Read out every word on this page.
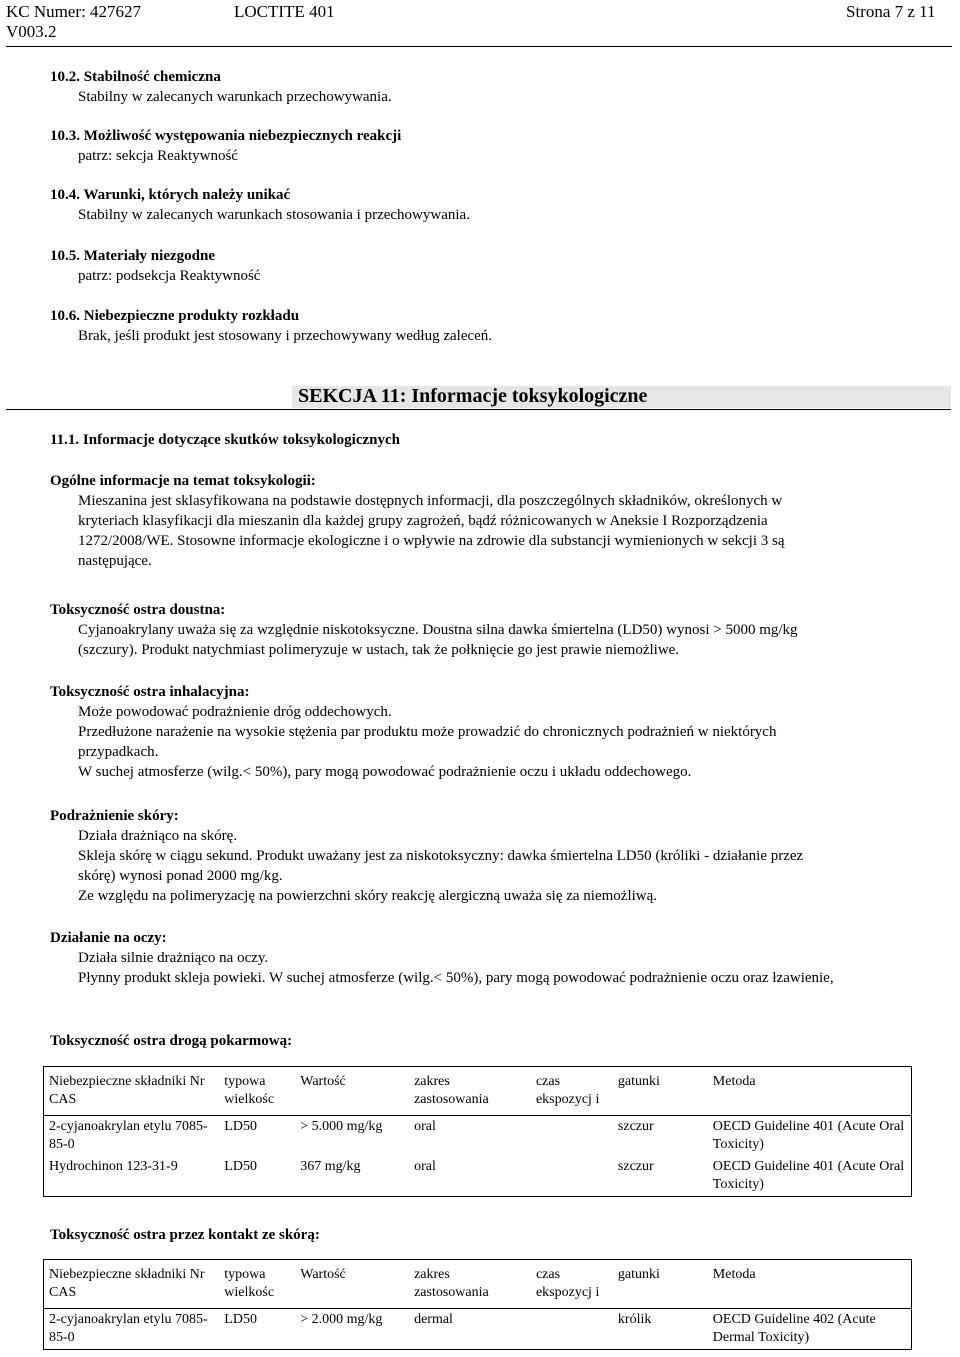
KC Numer: 427627
V003.2
LOCTITE 401	Strona 7 z 11
10.2. Stabilność chemiczna
Stabilny w zalecanych warunkach przechowywania.
10.3. Możliwość występowania niebezpiecznych reakcji
patrz: sekcja Reaktywność
10.4. Warunki, których należy unikać
Stabilny w zalecanych warunkach stosowania i przechowywania.
10.5. Materiały niezgodne
patrz: podsekcja Reaktywność
10.6. Niebezpieczne produkty rozkładu
Brak, jeśli produkt jest stosowany i przechowywany według zaleceń.
SEKCJA 11: Informacje toksykologiczne
11.1. Informacje dotyczące skutków toksykologicznych
Ogólne informacje na temat toksykologii:
Mieszanina jest sklasyfikowana na podstawie dostępnych informacji, dla poszczególnych składników, określonych w
kryteriach klasyfikacji dla mieszanin dla każdej grupy zagrożeń, bądź różnicowanych w Aneksie I Rozporządzenia
1272/2008/WE. Stosowne informacje ekologiczne i o wpływie na zdrowie dla substancji wymienionych w sekcji 3 są
następujące.
Toksyczność ostra doustna:
Cyjanoakrylany uważa się za względnie niskotoksyczne. Doustna silna dawka śmiertelna (LD50) wynosi > 5000 mg/kg
(szczury). Produkt natychmiast polimeryzuje w ustach, tak że połknięcie go jest prawie niemożliwe.
Toksyczność ostra inhalacyjna:
Może powodować podrażnienie dróg oddechowych.
Przedłużone narażenie na wysokie stężenia par produktu może prowadzić do chronicznych podrażnień w niektórych
przypadkach.
W suchej atmosferze (wilg.< 50%), pary mogą powodować podrażnienie oczu i układu oddechowego.
Podrażnienie skóry:
Działa drażniąco na skórę.
Skleja skórę w ciągu sekund. Produkt uważany jest za niskotoksyczny: dawka śmiertelna LD50 (króliki - działanie przez
skórę) wynosi ponad 2000 mg/kg.
Ze względu na polimeryzację na powierzchni skóry reakcję alergiczną uważa się za niemożliwą.
Działanie na oczy:
Działa silnie drażniąco na oczy.
Płynny produkt skleja powieki. W suchej atmosferze (wilg.< 50%), pary mogą powodować podrażnienie oczu oraz łzawienie,
Toksyczność ostra drogą pokarmową:
Niebezpieczne składniki Nr CAS	typowa wielkośc	Wartość	zakres zastosowania	czas ekspozycj i	gatunki	Metoda
2-cyjanoakrylan etylu 7085-85-0	LD50	> 5.000 mg/kg	oral		szczur	OECD Guideline 401 (Acute Oral Toxicity)
Hydrochinon 123-31-9	LD50	367 mg/kg	oral		szczur	OECD Guideline 401 (Acute Oral Toxicity)
Toksyczność ostra przez kontakt ze skórą:
Niebezpieczne składniki Nr CAS	typowa wielkośc	Wartość	zakres zastosowania	czas ekspozycj i	gatunki	Metoda
2-cyjanoakrylan etylu 7085-85-0	LD50	> 2.000 mg/kg	dermal		królik	OECD Guideline 402 (Acute Dermal Toxicity)
